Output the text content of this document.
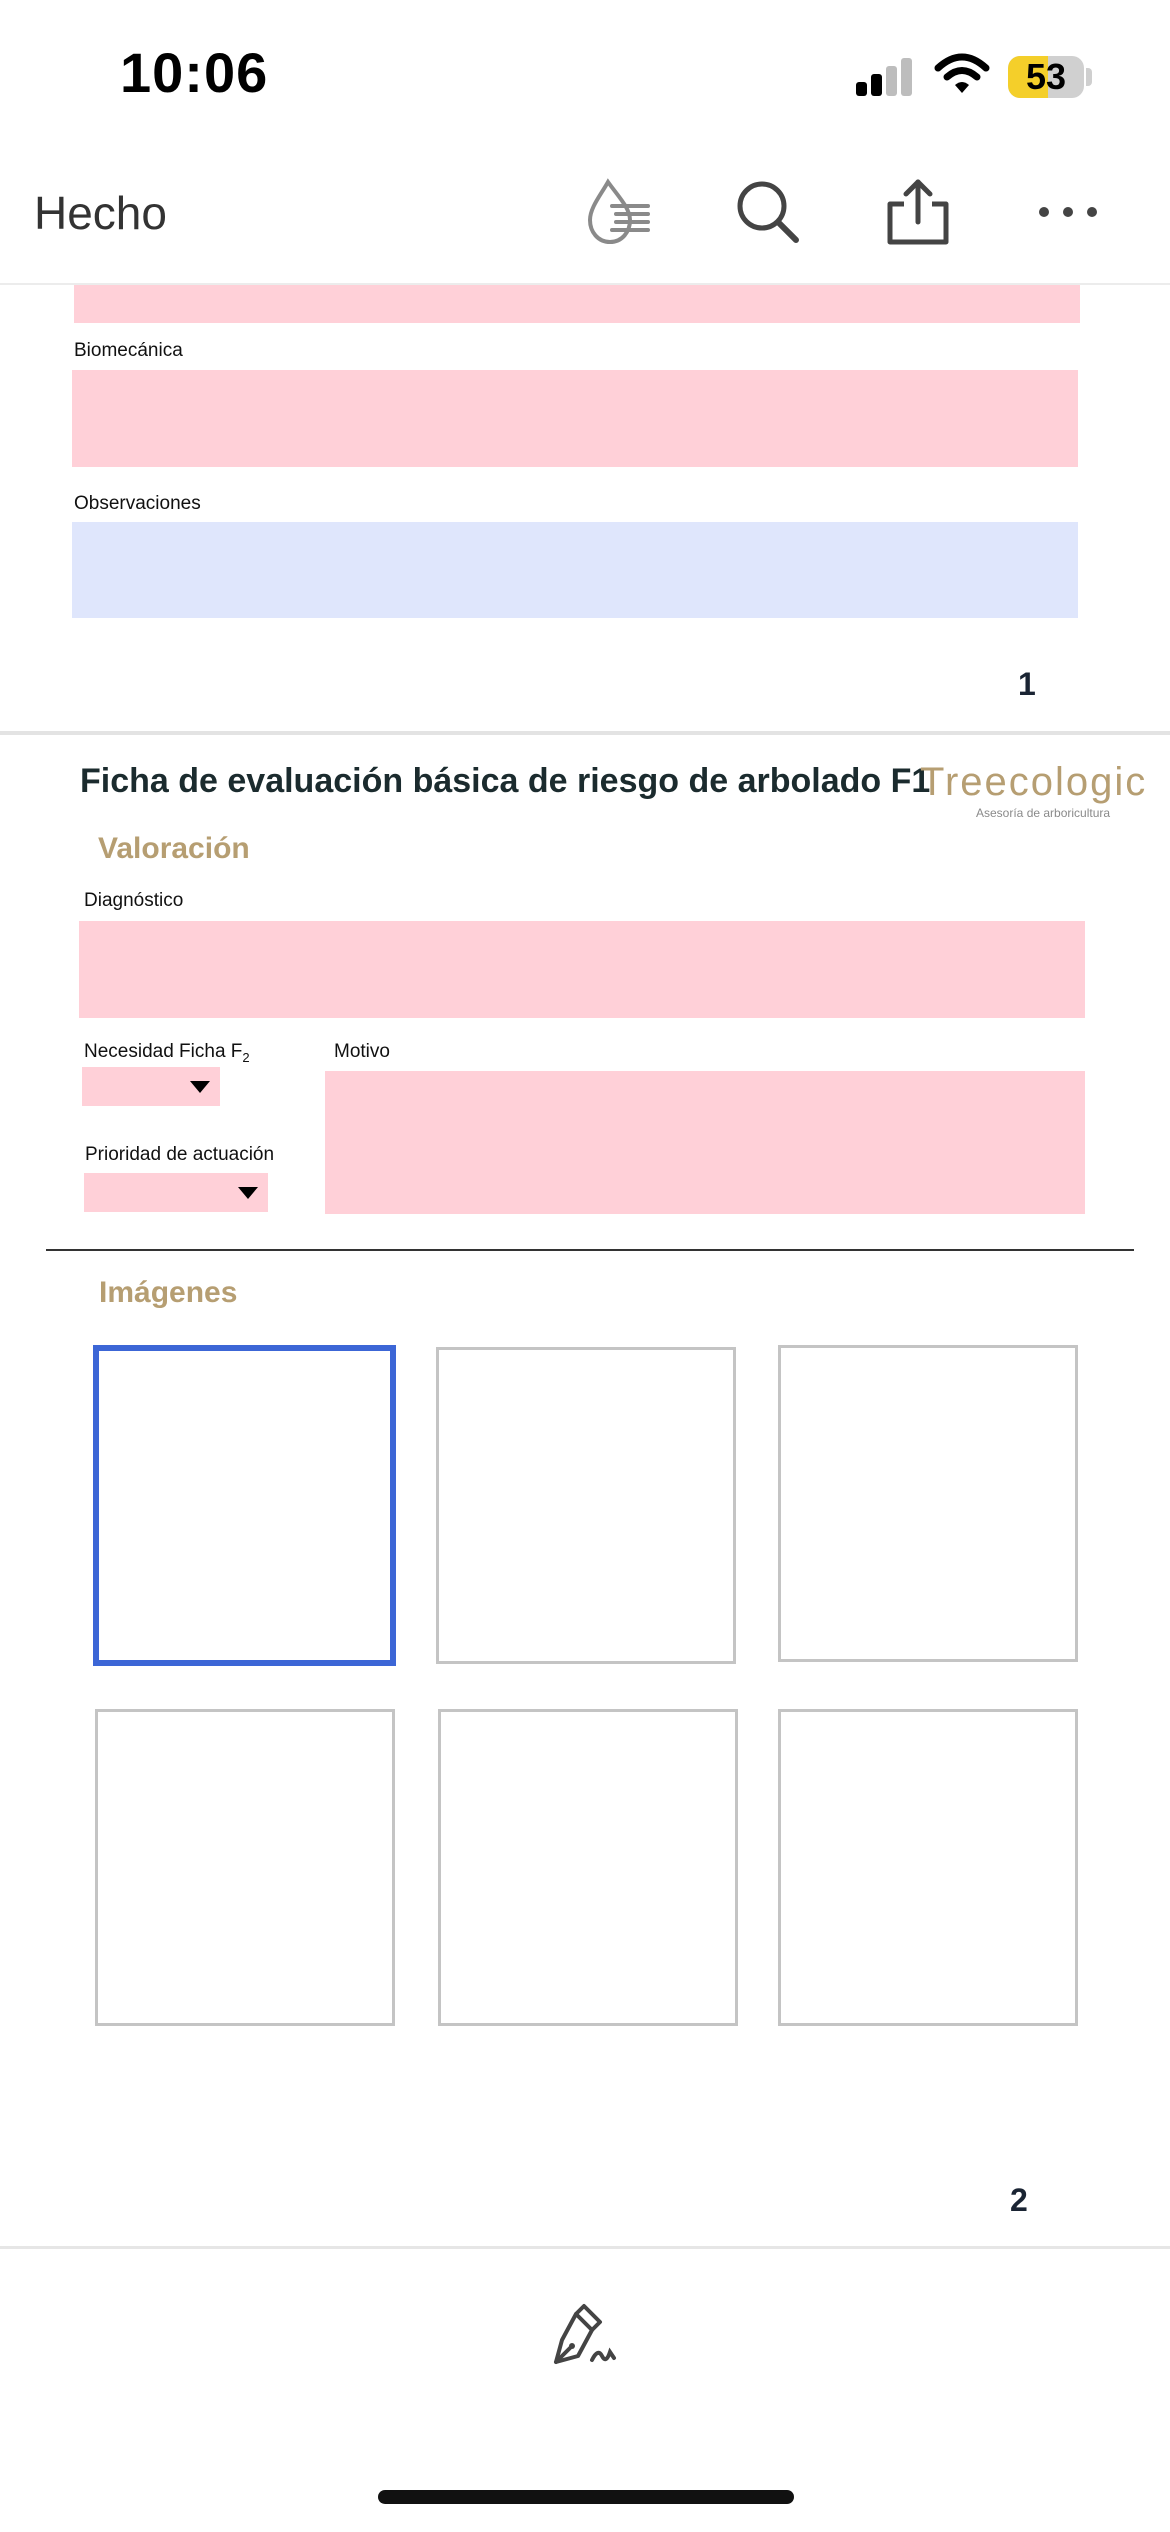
10:06	53
Hecho
Biomecánica
Observaciones
1
Ficha de evaluación básica de riesgo de arbolado F1
Treecologic
Asesoría de arboricultura
Valoración
Diagnóstico
Necesidad Ficha $F_2$	Motivo
Prioridad de actuación
Imágenes
2
